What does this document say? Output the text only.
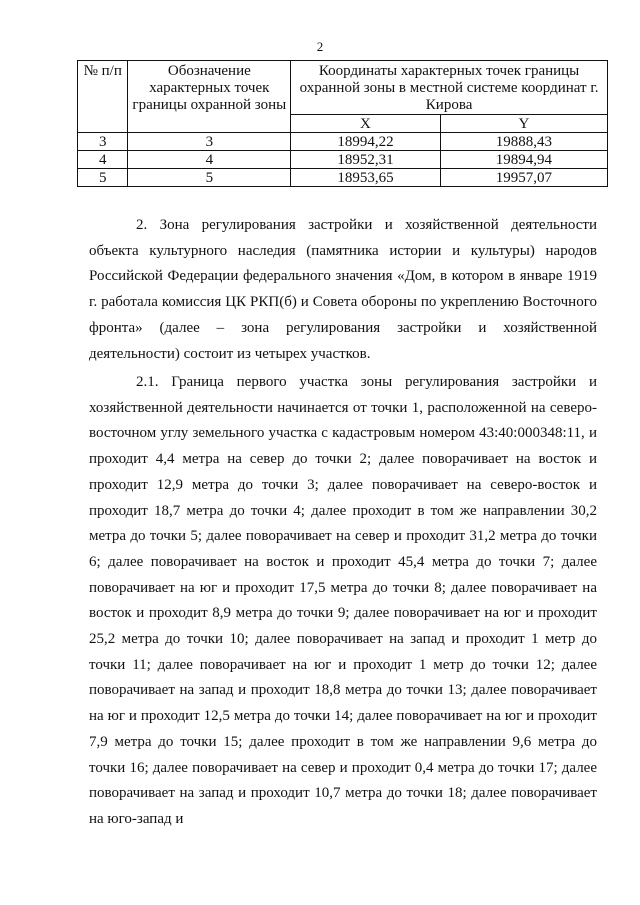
2
№ п/п	Обозначение характерных точек границы охранной зоны	Координаты характерных точек границы охранной зоны в местной системе координат г. Кирова	
		X	Y
3	3	18994,22	19888,43
4	4	18952,31	19894,94
5	5	18953,65	19957,07

2. Зона регулирования застройки и хозяйственной деятельности объекта культурного наследия (памятника истории и культуры) народов Российской Федерации федерального значения «Дом, в котором в январе 1919 г. работала комиссия ЦК РКП(б) и Совета обороны по укреплению Восточного фронта» (далее – зона регулирования застройки и хозяйственной деятельности) состоит из четырех участков.

2.1. Граница первого участка зоны регулирования застройки и хозяйственной деятельности начинается от точки 1, расположенной на северо-восточном углу земельного участка с кадастровым номером 43:40:000348:11, и проходит 4,4 метра на север до точки 2; далее поворачивает на восток и проходит 12,9 метра до точки 3; далее поворачивает на северо-восток и проходит 18,7 метра до точки 4; далее проходит в том же направлении 30,2 метра до точки 5; далее поворачивает на север и проходит 31,2 метра до точки 6; далее поворачивает на восток и проходит 45,4 метра до точки 7; далее поворачивает на юг и проходит 17,5 метра до точки 8; далее поворачивает на восток и проходит 8,9 метра до точки 9; далее поворачивает на юг и проходит 25,2 метра до точки 10; далее поворачивает на запад и проходит 1 метр до точки 11; далее поворачивает на юг и проходит 1 метр до точки 12; далее поворачивает на запад и проходит 18,8 метра до точки 13; далее поворачивает на юг и проходит 12,5 метра до точки 14; далее поворачивает на юг и проходит 7,9 метра до точки 15; далее проходит в том же направлении 9,6 метра до точки 16; далее поворачивает на север и проходит 0,4 метра до точки 17; далее поворачивает на запад и проходит 10,7 метра до точки 18; далее поворачивает на юго-запад и
